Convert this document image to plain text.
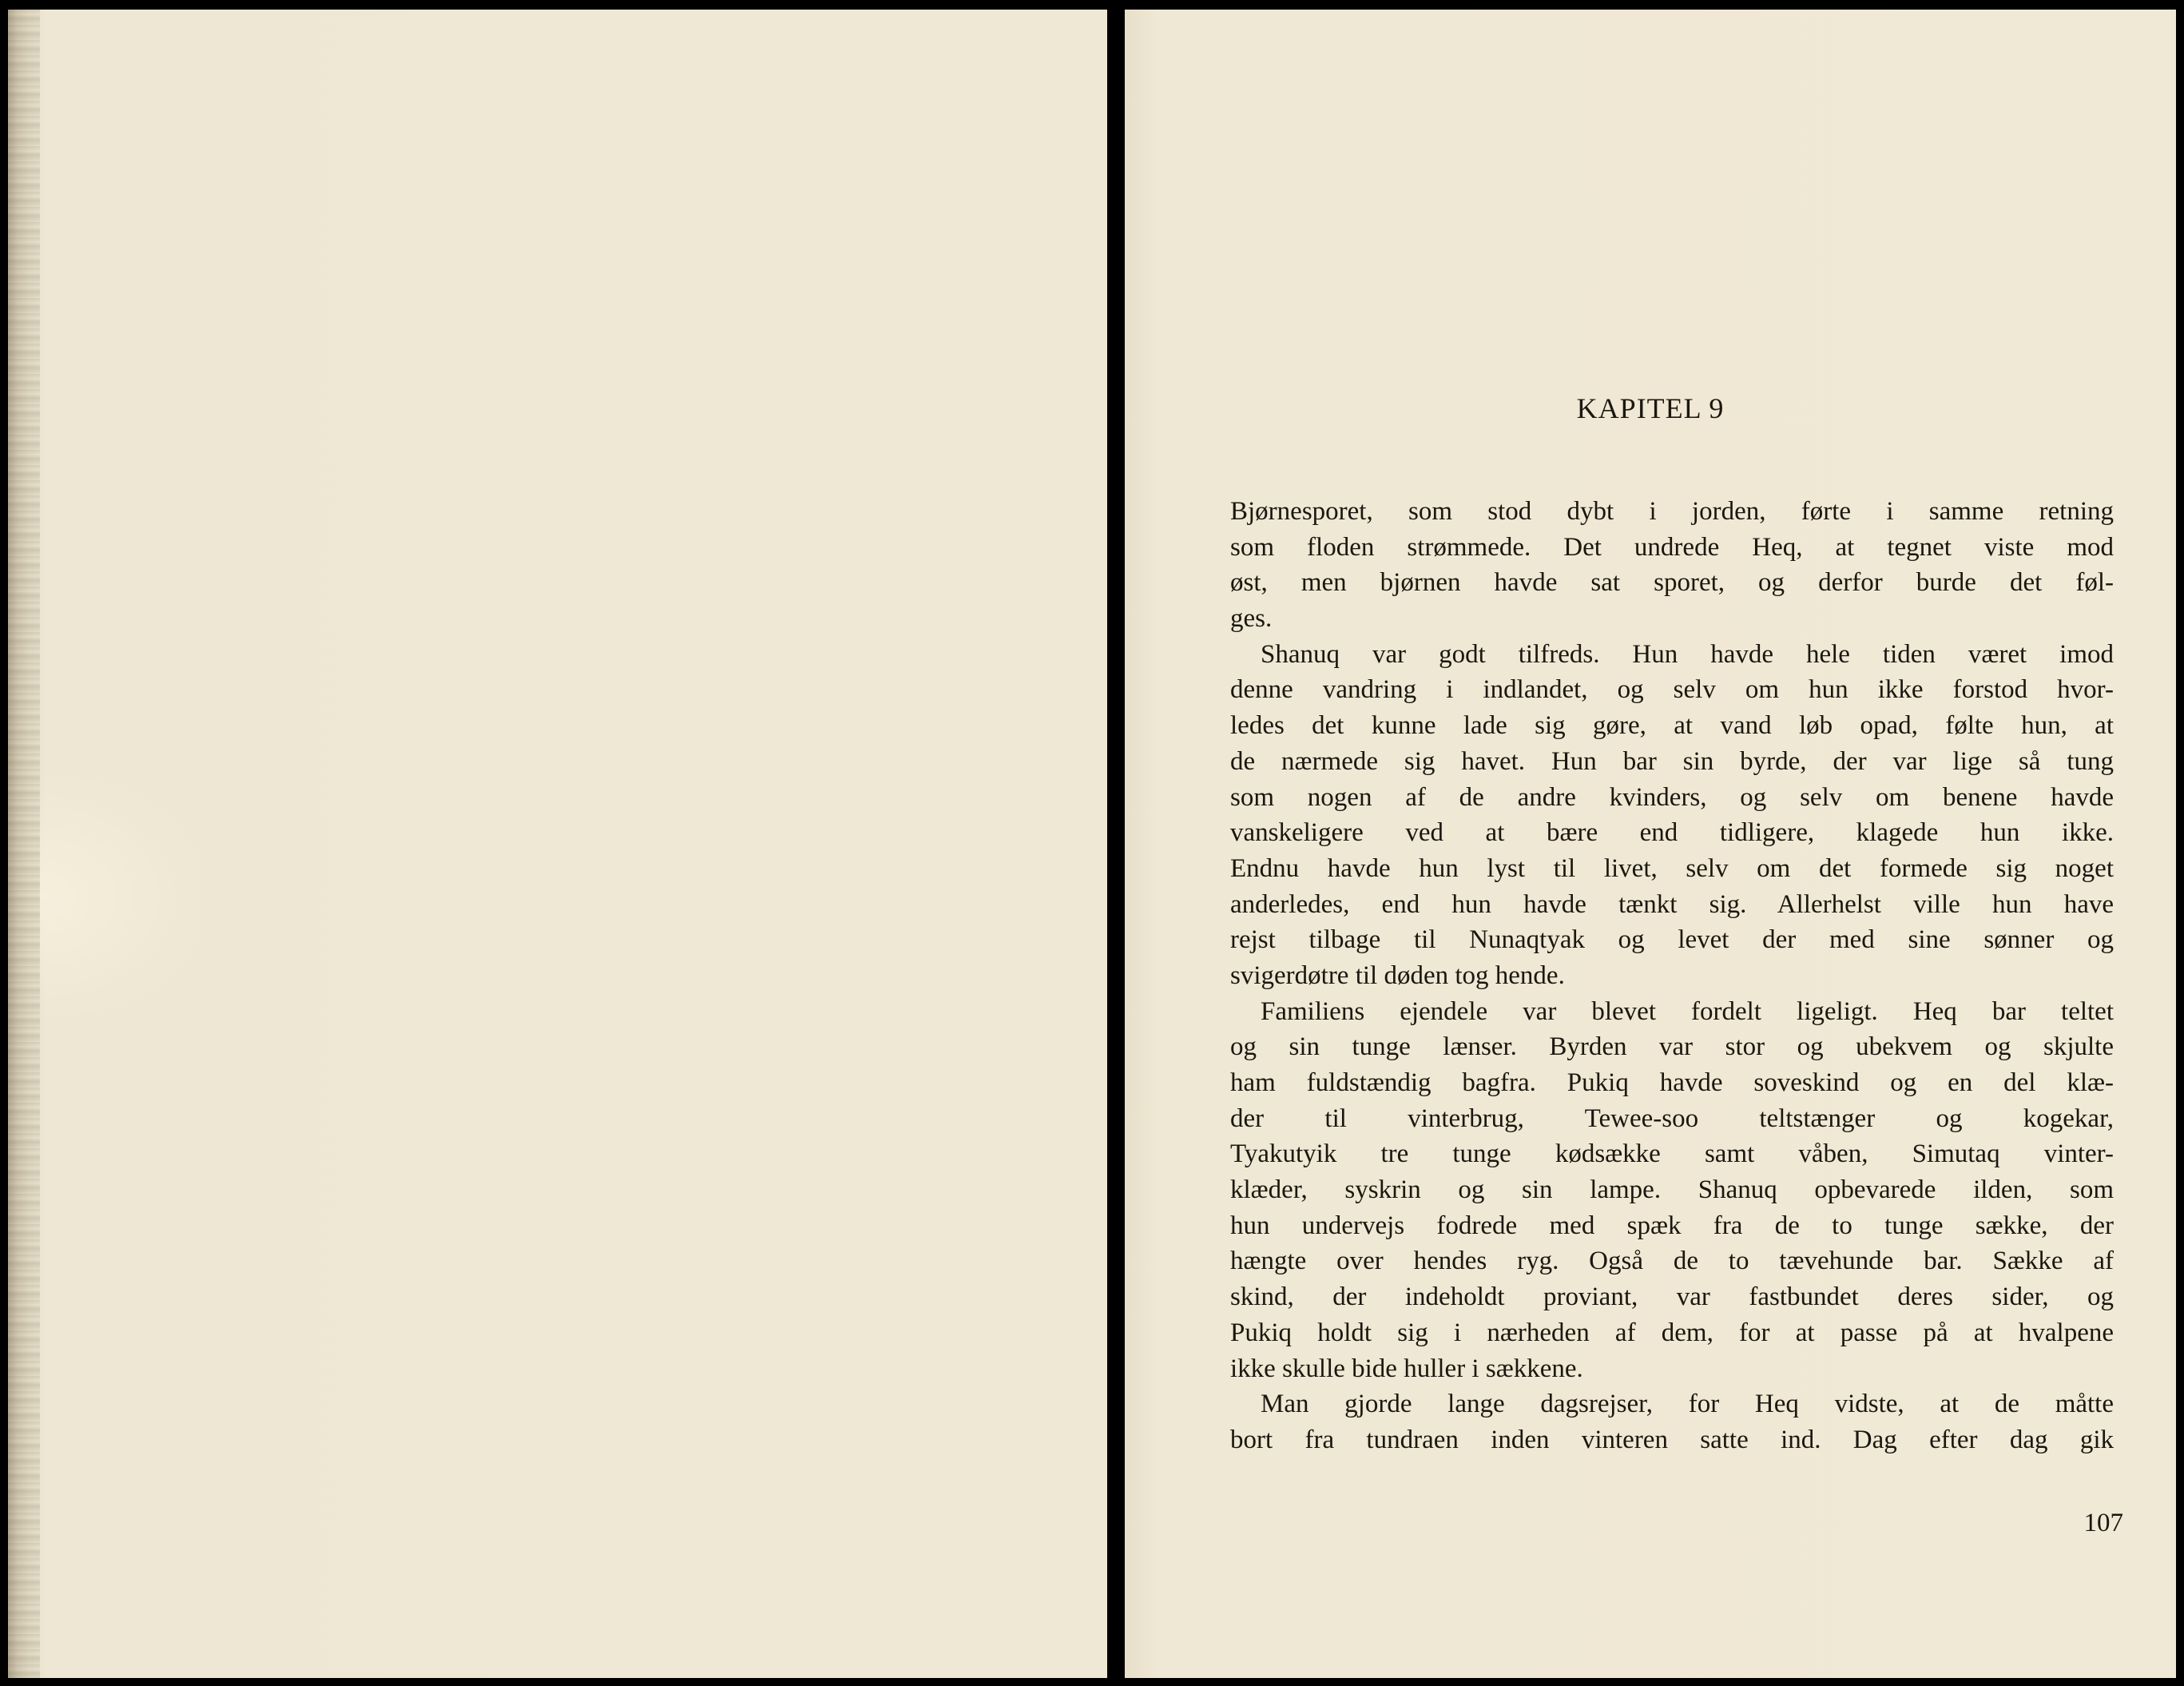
KAPITEL 9
Bjørnesporet, som stod dybt i jorden, førte i samme retning
som floden strømmede. Det undrede Heq, at tegnet viste mod
øst, men bjørnen havde sat sporet, og derfor burde det føl-
ges.
Shanuq var godt tilfreds. Hun havde hele tiden været imod
denne vandring i indlandet, og selv om hun ikke forstod hvor-
ledes det kunne lade sig gøre, at vand løb opad, følte hun, at
de nærmede sig havet. Hun bar sin byrde, der var lige så tung
som nogen af de andre kvinders, og selv om benene havde
vanskeligere ved at bære end tidligere, klagede hun ikke.
Endnu havde hun lyst til livet, selv om det formede sig noget
anderledes, end hun havde tænkt sig. Allerhelst ville hun have
rejst tilbage til Nunaqtyak og levet der med sine sønner og
svigerdøtre til døden tog hende.
Familiens ejendele var blevet fordelt ligeligt. Heq bar teltet
og sin tunge lænser. Byrden var stor og ubekvem og skjulte
ham fuldstændig bagfra. Pukiq havde soveskind og en del klæ-
der til vinterbrug, Tewee-soo teltstænger og kogekar,
Tyakutyik tre tunge kødsække samt våben, Simutaq vinter-
klæder, syskrin og sin lampe. Shanuq opbevarede ilden, som
hun undervejs fodrede med spæk fra de to tunge sække, der
hængte over hendes ryg. Også de to tævehunde bar. Sække af
skind, der indeholdt proviant, var fastbundet deres sider, og
Pukiq holdt sig i nærheden af dem, for at passe på at hvalpene
ikke skulle bide huller i sækkene.
Man gjorde lange dagsrejser, for Heq vidste, at de måtte
bort fra tundraen inden vinteren satte ind. Dag efter dag gik

107
